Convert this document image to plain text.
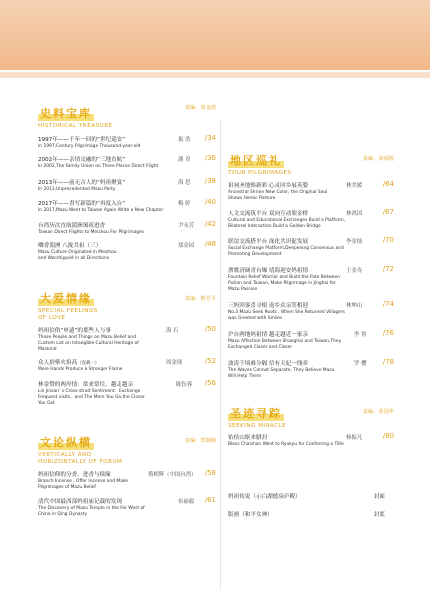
史料宝库
HISTORICAL TREASURE
责编：周金琰
1997年——千年一回的“世纪巡安”	振 浩 /34
In 1997,Century Pilgrimage Thousand-year-old
2002年——亲情交融的“三地直航”	湖 青 /36
In 2002,The Family Union on Three Places Direct Flight
2013年——前无古人的“妈祖聚宴”	海 思 /38
In 2013,Unprecedented Mazu Party
2017年——書写新篇的“再度入台”	梅 婷 /40
In 2017,Mazu Went to Taiwan Again Write a New Chapter
台湾历次直航湄洲谒祖进香	尹永芳 /42
Taiwan Direct Flights to Meizhou For Pilgrimages
卿香湄洲 八拢共祖（三）	郑金园 /48
Mazu Culture Originated in Meizhou
and Worshipped in all Directions
大爱情缘
SPECIAL FEELINGS
OF LOVE
责编：蔡芳平
妈祖信俗“申遗”的那些人与事	海 石	/50
Those People and Things on Mazu Belief and
Custom List on Intangible Cultural Heritage of
Mankind
众人拾柴火焰高（连载一）	周金琰	/52
More Hands Produce a Stronger Flame
林金赞的两岸情：常来常往，越走越亲	陈钰蓉 /56
Lin Jinzan’ s Cross-strait Sentiment：Exchange
Frequent visits，and The More You Go,the Closer
You Get
文论纵横
VERTICALLY AND
HORIZONTALLY OF FORUM
责编：郑婉梅
妈祖信仰的分香、进香与续缘	蔡相辉（中国台湾） /58
Branch Incense , Offer Incense and Make
Pilgrimages of Mazu Belief
清代中国最西部妈祖庙记载的发现	布丽毅 /61
The Discovery of Mazu Temple in the Far West of
China in Qing Dynasty
地区巡礼
TOUR PILGRIMAGES
责编：刘福铸
祖祠圣地焕新彩 心灵回乡展英姿	林美媛	/64
Ancestral Shrine New Color, the Original Soul
Shows Heroic Posture
人文交流筑平台 双向互动架金桥	林鸿国	/67
Cultural and Educational Exchanges Build a Platform,
Bilateral Interaction Build a Golden Bridge
联谊交流搭平台 深化共识促发展	李金灿	/70
Social Exchange Platform,Deepening Consensus and
Promoting Development
渔歌济阔青台爆 靖海迎安妈祖情	王金寿	/72
Fountain Relief Warrior and Build the Fate Between
Putian and Taiwan, Make Pilgrimage in Jinghai for
Mazu Passion
三妈回銮喜寻根 返乡众亲笑相迎	林坤山	/74
No.3 Mazu Seek Roots , When She Returned Villagers
was Greeted with Smiles
沪台两地妈祖情 越走越近一家亲	李 霄 /76
Mazu Affection Between Shanghai and Taiwan,They
Exchanged Closer and Closer
波涛千顷难分隔 信有天妃一线牵	罗 樱 /78
The Waves Cannot Separate, They Believe Mazu
Will Help Them
圣迹寻踪
SEEKING MIRACLE
责编：黄国华
佑侯山妪来腊封	杨振凡	/80
Bless Chaishan Went to Ryukyu for Conferring a Title
妈祖传说（示白湖德泉庐殿）	封面
版画（和平女神）	封底
